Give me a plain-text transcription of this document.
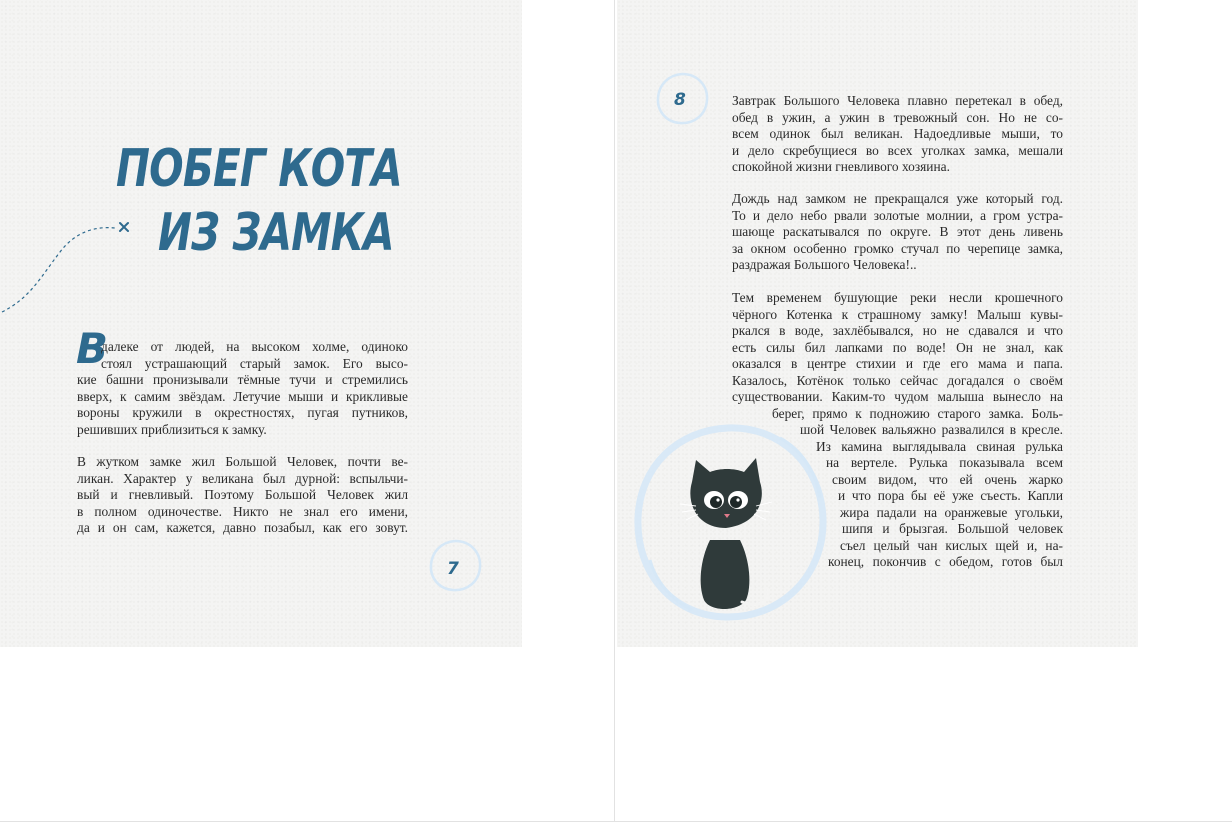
ПОБЕГ КОТА
ИЗ ЗАМКА
В
далеке от людей, на высоком холме, одиноко
стоял устрашающий старый замок. Его высо-
кие башни пронизывали тёмные тучи и стремились
вверх, к самим звёздам. Летучие мыши и крикливые
вороны кружили в окрестностях, пугая путников,
решивших приблизиться к замку.
В жутком замке жил Большой Человек, почти ве-
ликан. Характер у великана был дурной: вспыльчи-
вый и гневливый. Поэтому Большой Человек жил
в полном одиночестве. Никто не знал его имени,
да и он сам, кажется, давно позабыл, как его зовут.
7
8	Завтрак Большого Человека плавно перетекал в обед,
обед в ужин, а ужин в тревожный сон. Но не со-
всем одинок был великан. Надоедливые мыши, то
и дело скребущиеся во всех уголках замка, мешали
спокойной жизни гневливого хозяина.
Дождь над замком не прекращался уже который год.
То и дело небо рвали золотые молнии, а гром устра-
шающе раскатывался по округе. В этот день ливень
за окном особенно громко стучал по черепице замка,
раздражая Большого Человека!..
Тем временем бушующие реки несли крошечного
чёрного Котенка к страшному замку! Малыш кувы-
ркался в воде, захлёбывался, но не сдавался и что
есть силы бил лапками по воде! Он не знал, как
оказался в центре стихии и где его мама и папа.
Казалось, Котёнок только сейчас догадался о своём
существовании. Каким-то чудом малыша вынесло на
берег, прямо к подножию старого замка. Боль-
шой Человек вальяжно развалился в кресле.
Из камина выглядывала свиная рулька
на вертеле. Рулька показывала всем
своим видом, что ей очень жарко
и что пора бы её уже съесть. Капли
жира падали на оранжевые угольки,
шипя и брызгая. Большой человек
съел целый чан кислых щей и, на-
конец, покончив с обедом, готов был
